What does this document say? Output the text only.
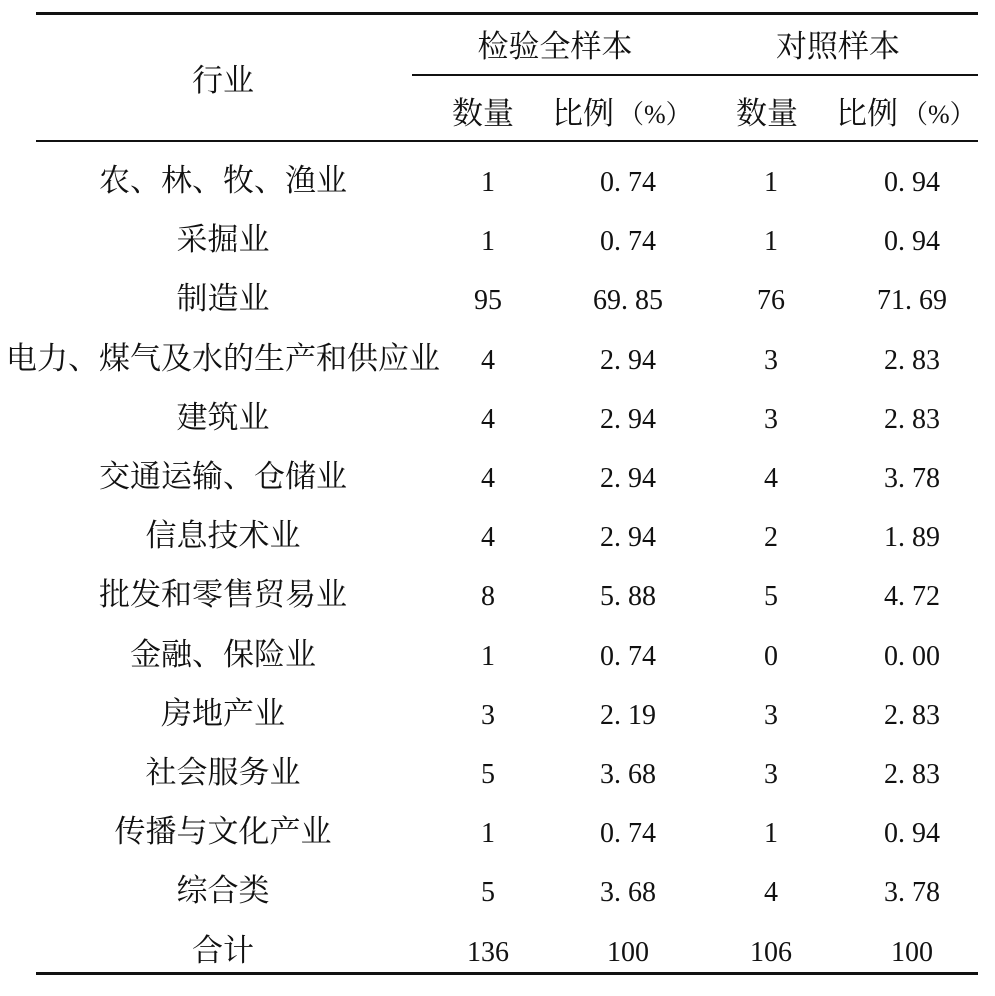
行业
检验全样本	对照样本
数量 比例 （%） 数量 比例 （%）
农、林、牧、渔业	1	0. 74	1	0. 94
采掘业	1	0. 74	1	0. 94
制造业	95	69. 85	76	71. 69
电力、煤气及水的生产和供应业 4	2. 94	3	2. 83
建筑业	4	2. 94	3	2. 83
交通运输、仓储业	4	2. 94	4	3. 78
信息技术业	4	2. 94	2	1. 89
批发和零售贸易业	8	5. 88	5	4. 72
金融、保险业	1	0. 74	0	0. 00
房地产业	3	2. 19	3	2. 83
社会服务业	5	3. 68	3	2. 83
传播与文化产业	1	0. 74	1	0. 94
综合类	5	3. 68	4	3. 78
合计	136	100	106	100
